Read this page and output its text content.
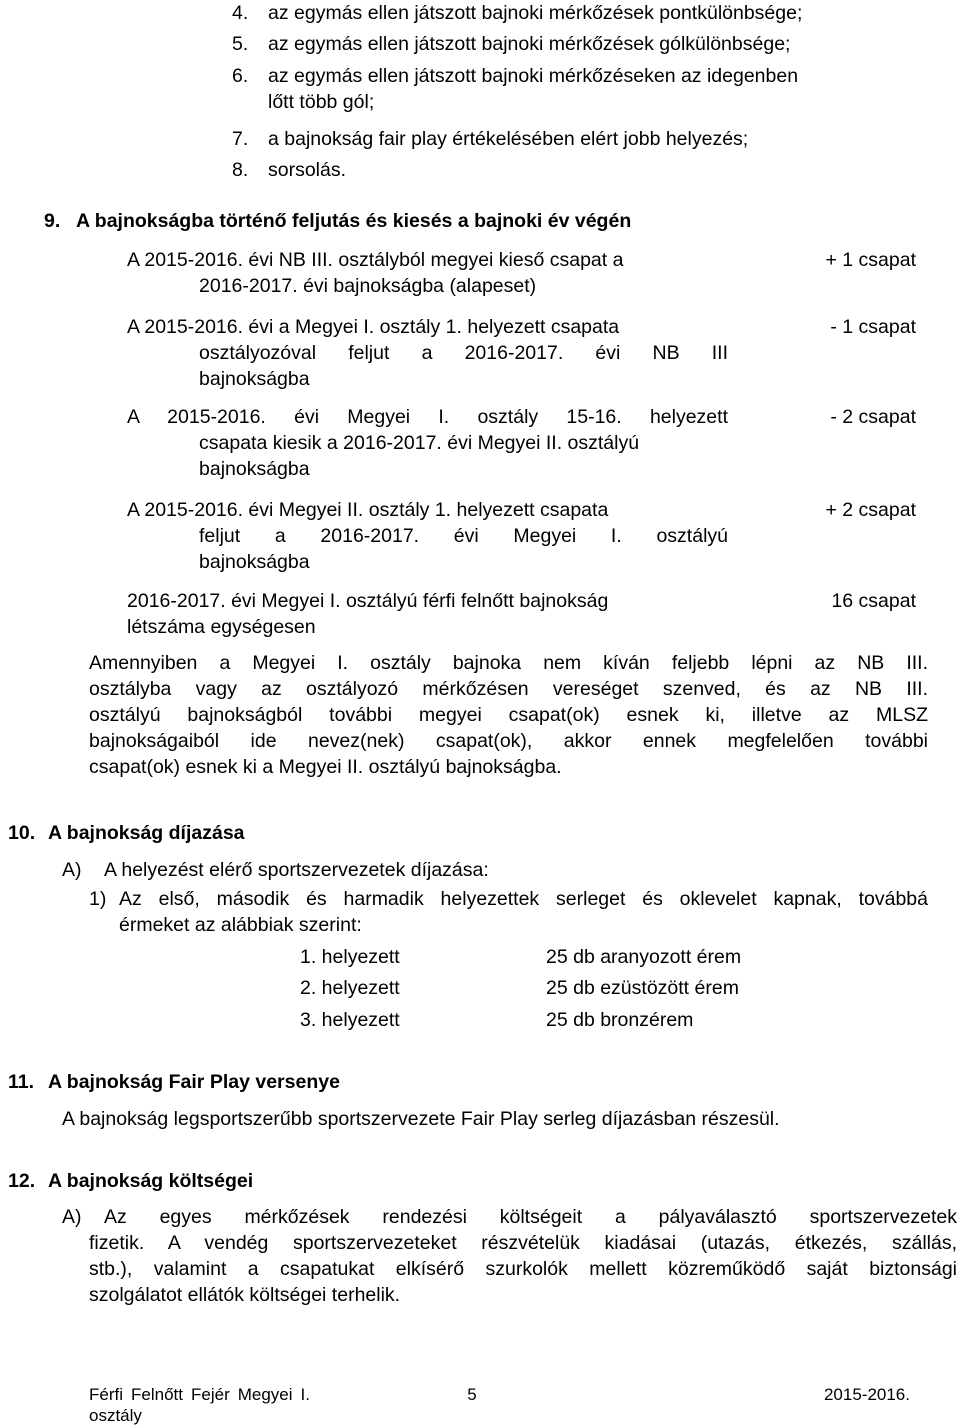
4. az egymás ellen játszott bajnoki mérkőzések pontkülönbsége;
5. az egymás ellen játszott bajnoki mérkőzések gólkülönbsége;
6. az egymás ellen játszott bajnoki mérkőzéseken az idegenben
lőtt több gól;
7. a bajnokság fair play értékelésében elért jobb helyezés;
8. sorsolás.
9. A bajnokságba történő feljutás és kiesés a bajnoki év végén
A 2015-2016. évi NB III. osztályból megyei kieső csapat a
2016-2017. évi bajnokságba (alapeset)
+ 1 csapat
A 2015-2016. évi a Megyei I. osztály 1. helyezett csapata
osztályozóval feljut a 2016-2017. évi NB III
bajnokságba
- 1 csapat
A 2015-2016. évi Megyei I. osztály 15-16. helyezett
csapata kiesik a 2016-2017. évi Megyei II. osztályú
bajnokságba
- 2 csapat
A 2015-2016. évi Megyei II. osztály 1. helyezett csapata
feljut a 2016-2017. évi Megyei I. osztályú
bajnokságba
+ 2 csapat
2016-2017. évi Megyei I. osztályú férfi felnőtt bajnokság
létszáma egységesen
16 csapat
Amennyiben a Megyei I. osztály bajnoka nem kíván feljebb lépni az NB III.
osztályba vagy az osztályozó mérkőzésen vereséget szenved, és az NB III.
osztályú bajnokságból további megyei csapat(ok) esnek ki, illetve az MLSZ
bajnokságaiból ide nevez(nek) csapat(ok), akkor ennek megfelelően további
csapat(ok) esnek ki a Megyei II. osztályú bajnokságba.
10. A bajnokság díjazása
A) A helyezést elérő sportszervezetek díjazása:
1) Az első, második és harmadik helyezettek serleget és oklevelet kapnak, továbbá
érmeket az alábbiak szerint:
1. helyezett	25 db aranyozott érem
2. helyezett	25 db ezüstözött érem
3. helyezett	25 db bronzérem
11. A bajnokság Fair Play versenye
A bajnokság legsportszerűbb sportszervezete Fair Play serleg díjazásban részesül.
12. A bajnokság költségei
A) Az egyes mérkőzések rendezési költségeit a pályaválasztó sportszervezetek
fizetik. A vendég sportszervezeteket részvételük kiadásai (utazás, étkezés, szállás,
stb.), valamint a csapatukat elkísérő szurkolók mellett közreműködő saját biztonsági
szolgálatot ellátók költségei terhelik.
Férfi Felnőtt Fejér Megyei I.
osztály
5	2015-2016.
